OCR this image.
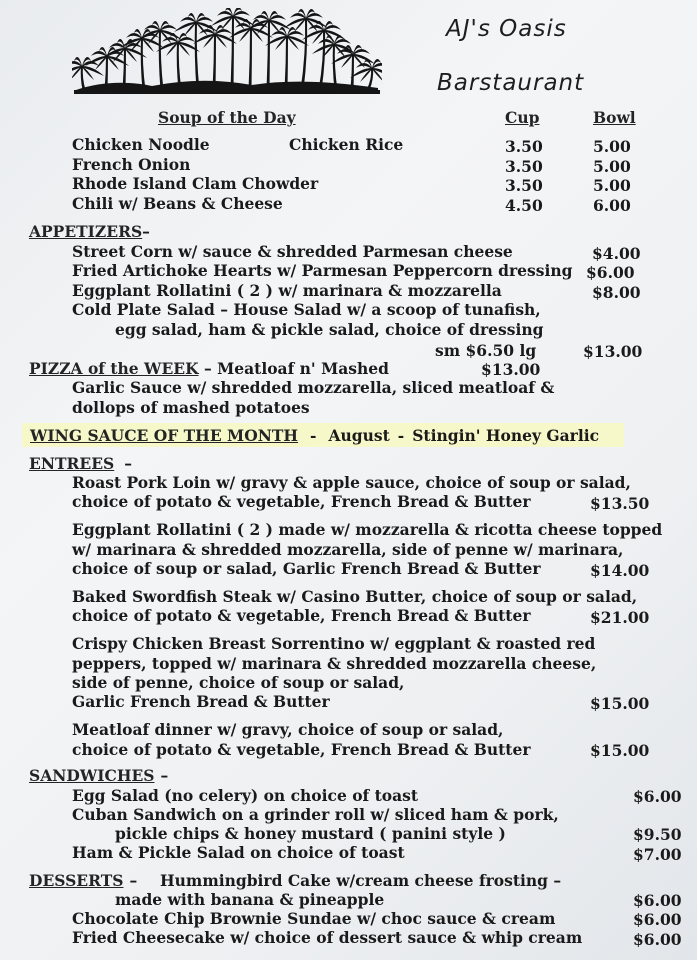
AJ's Oasis
Barstaurant
Soup of the Day	Cup	Bowl
Chicken Noodle	Chicken Rice	3.50	5.00
French Onion	3.50	5.00
Rhode Island Clam Chowder	3.50	5.00
Chili w/ Beans & Cheese	4.50	6.00
APPETIZERS–
Street Corn w/ sauce & shredded Parmesan cheese	$4.00
Fried Artichoke Hearts w/ Parmesan Peppercorn dressing $6.00
Eggplant Rollatini ( 2 ) w/ marinara & mozzarella	$8.00
Cold Plate Salad – House Salad w/ a scoop of tunafish,
egg salad, ham & pickle salad, choice of dressing
sm $6.50 lg	$13.00
PIZZA of the WEEK – Meatloaf n' Mashed	$13.00
Garlic Sauce w/ shredded mozzarella, sliced meatloaf &
dollops of mashed potatoes
WING SAUCE OF THE MONTH - August - Stingin' Honey Garlic
ENTREES –
Roast Pork Loin w/ gravy & apple sauce, choice of soup or salad,
choice of potato & vegetable, French Bread & Butter	$13.50
Eggplant Rollatini ( 2 ) made w/ mozzarella & ricotta cheese topped
w/ marinara & shredded mozzarella, side of penne w/ marinara,
choice of soup or salad, Garlic French Bread & Butter	$14.00
Baked Swordfish Steak w/ Casino Butter, choice of soup or salad,
choice of potato & vegetable, French Bread & Butter	$21.00
Crispy Chicken Breast Sorrentino w/ eggplant & roasted red
peppers, topped w/ marinara & shredded mozzarella cheese,
side of penne, choice of soup or salad,
Garlic French Bread & Butter	$15.00
Meatloaf dinner w/ gravy, choice of soup or salad,
choice of potato & vegetable, French Bread & Butter	$15.00
SANDWICHES –
Egg Salad (no celery) on choice of toast	$6.00
Cuban Sandwich on a grinder roll w/ sliced ham & pork,
pickle chips & honey mustard ( panini style )	$9.50
Ham & Pickle Salad on choice of toast	$7.00
DESSERTS – Hummingbird Cake w/cream cheese frosting –
made with banana & pineapple	$6.00
Chocolate Chip Brownie Sundae w/ choc sauce & cream	$6.00
Fried Cheesecake w/ choice of dessert sauce & whip cream	$6.00
